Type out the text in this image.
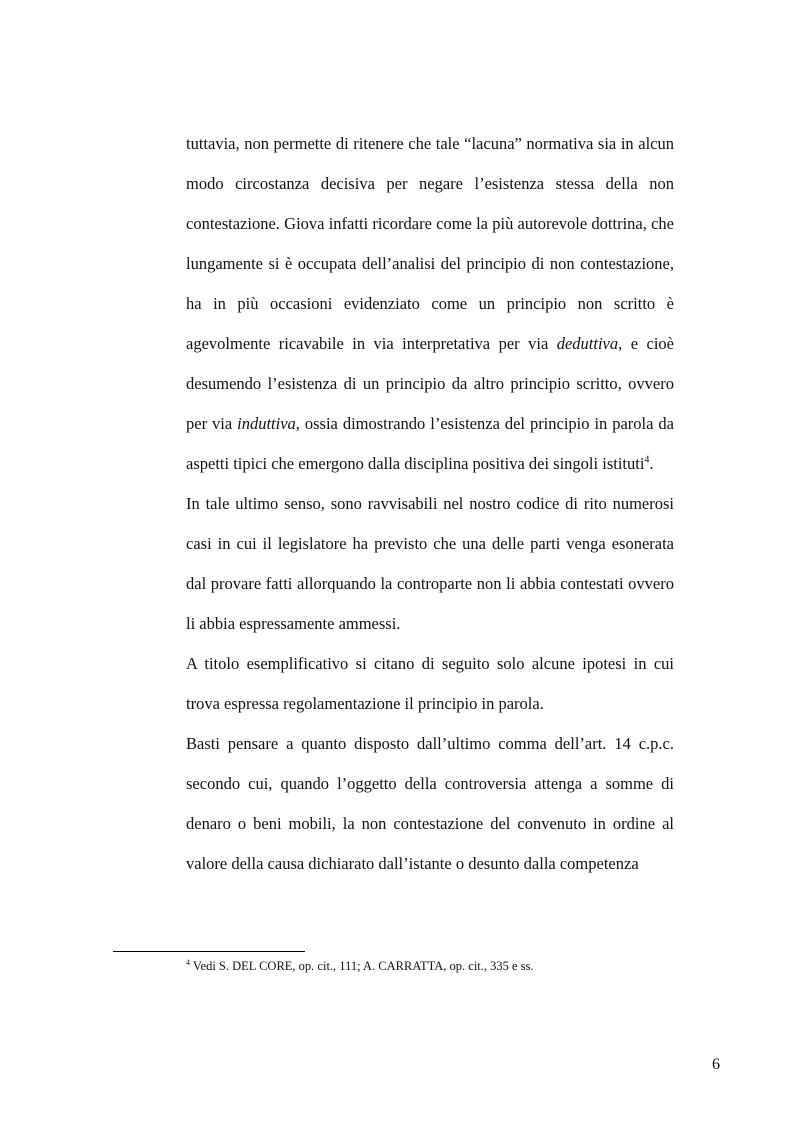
tuttavia, non permette di ritenere che tale “lacuna” normativa sia in alcun modo circostanza decisiva per negare l’esistenza stessa della non contestazione. Giova infatti ricordare come la più autorevole dottrina, che lungamente si è occupata dell’analisi del principio di non contestazione, ha in più occasioni evidenziato come un principio non scritto è agevolmente ricavabile in via interpretativa per via deduttiva, e cioè desumendo l’esistenza di un principio da altro principio scritto, ovvero per via induttiva, ossia dimostrando l’esistenza del principio in parola da aspetti tipici che emergono dalla disciplina positiva dei singoli istituti$^4$.

In tale ultimo senso, sono ravvisabili nel nostro codice di rito numerosi casi in cui il legislatore ha previsto che una delle parti venga esonerata dal provare fatti allorquando la controparte non li abbia contestati ovvero li abbia espressamente ammessi.

A titolo esemplificativo si citano di seguito solo alcune ipotesi in cui trova espressa regolamentazione il principio in parola.

Basti pensare a quanto disposto dall’ultimo comma dell’art. 14 c.p.c. secondo cui, quando l’oggetto della controversia attenga a somme di denaro o beni mobili, la non contestazione del convenuto in ordine al valore della causa dichiarato dall’istante o desunto dalla competenza

$^4$ Vedi S. DEL CORE, op. cit., 111; A. CARRATTA, op. cit., 335 e ss.
6
